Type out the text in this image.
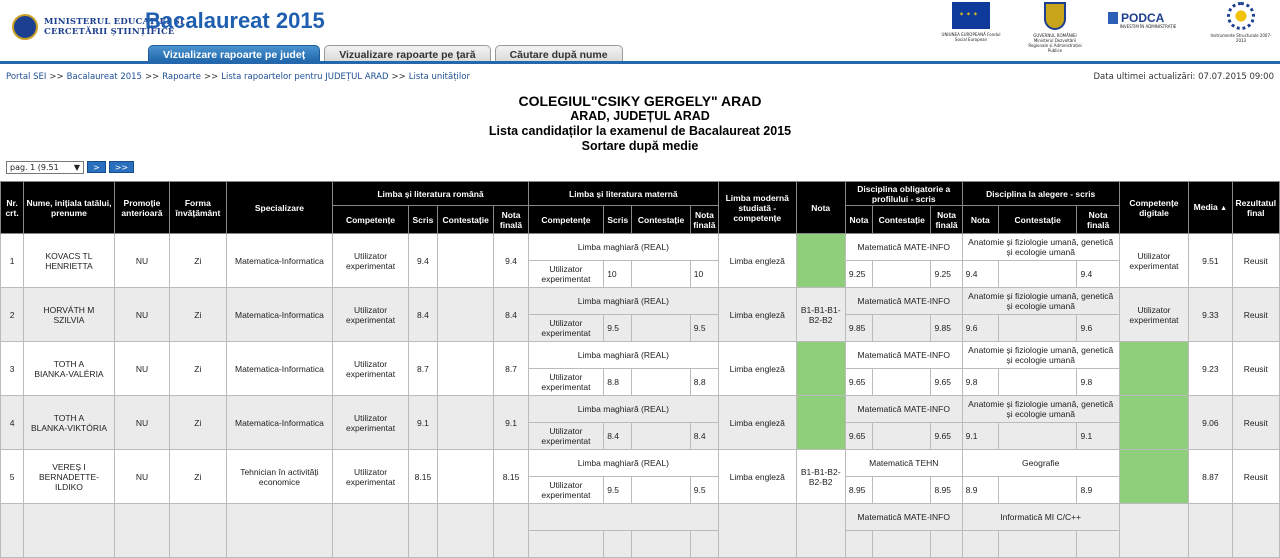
MINISTERUL EDUCAȚIEI ȘI
CERCETĂRII ȘTIINȚIFICE
Bacalaureat 2015
✶ ✶ ✶
UNIUNEA EUROPEANĂ Fondul Social European
GUVERNUL ROMÂNIEI Ministerul Dezvoltării Regionale și Administrației Publice
PODCA
INVESTIM ÎN ADMINISTRAȚIE
Instrumente Structurale 2007-2013
Vizualizare rapoarte pe județ	Vizualizare rapoarte pe țară	Căutare după nume
Portal SEI >> Bacalaureat 2015 >> Rapoarte >> Lista rapoartelor pentru JUDEȚUL ARAD >> Lista unităților	Data ultimei actualizări: 07.07.2015 09:00
COLEGIUL"CSIKY GERGELY" ARAD
ARAD, JUDEȚUL ARAD
Lista candidaților la examenul de Bacalaureat 2015
Sortare după medie
pag. 1 (9.51 ▼	>	>>
Nr. crt.	Nume, inițiala tatălui, prenume	Promoție anterioară	Forma învățământ	Specializare	Limba și literatura română				Limba și literatura maternă				Limba modernă studiată - competențe	Nota	Disciplina obligatorie a profilului - scris			Disciplina la alegere - scris			Competențe digitale	Media ▲	Rezultatul final
					Competențe	Scris	Contestație	Nota finală	Competențe	Scris	Contestație	Nota finală			Nota	Contestație	Nota finală	Nota	Contestație	Nota finală			
1	KOVACS TL
HENRIETTA	NU	Zi	Matematica-Informatica	Utilizator experimentat	9.4		9.4	Limba maghiară (REAL)				Limba engleză		Matematică MATE-INFO			Anatomie și fiziologie umană, genetică și ecologie umană			Utilizator experimentat	9.51	Reusit
									Utilizator experimentat	10		10			9.25		9.25	9.4		9.4			
2	HORVÁTH M
SZILVIA	NU	Zi	Matematica-Informatica	Utilizator experimentat	8.4		8.4	Limba maghiară (REAL)				Limba engleză	B1-B1-B1-B2-B2	Matematică MATE-INFO			Anatomie și fiziologie umană, genetică și ecologie umană			Utilizator experimentat	9.33	Reusit
									Utilizator experimentat	9.5		9.5			9.85		9.85	9.6		9.6			
3	TOTH A
BIANKA-VALÉRIA	NU	Zi	Matematica-Informatica	Utilizator experimentat	8.7		8.7	Limba maghiară (REAL)				Limba engleză		Matematică MATE-INFO			Anatomie și fiziologie umană, genetică și ecologie umană				9.23	Reusit
									Utilizator experimentat	8.8		8.8			9.65		9.65	9.8		9.8			
4	TOTH A
BLANKA-VIKTÓRIA	NU	Zi	Matematica-Informatica	Utilizator experimentat	9.1		9.1	Limba maghiară (REAL)				Limba engleză		Matematică MATE-INFO			Anatomie și fiziologie umană, genetică și ecologie umană				9.06	Reusit
									Utilizator experimentat	8.4		8.4			9.65		9.65	9.1		9.1			
5	VEREȘ I
BERNADETTE-ILDIKO	NU	Zi	Tehnician în activități economice	Utilizator experimentat	8.15		8.15	Limba maghiară (REAL)				Limba engleză	B1-B1-B2-B2-B2	Matematică TEHN			Geografie				8.87	Reusit
									Utilizator experimentat	9.5		9.5			8.95		8.95	8.9		8.9			

														Matematică MATE-INFO			Informatică MI C/C++					
